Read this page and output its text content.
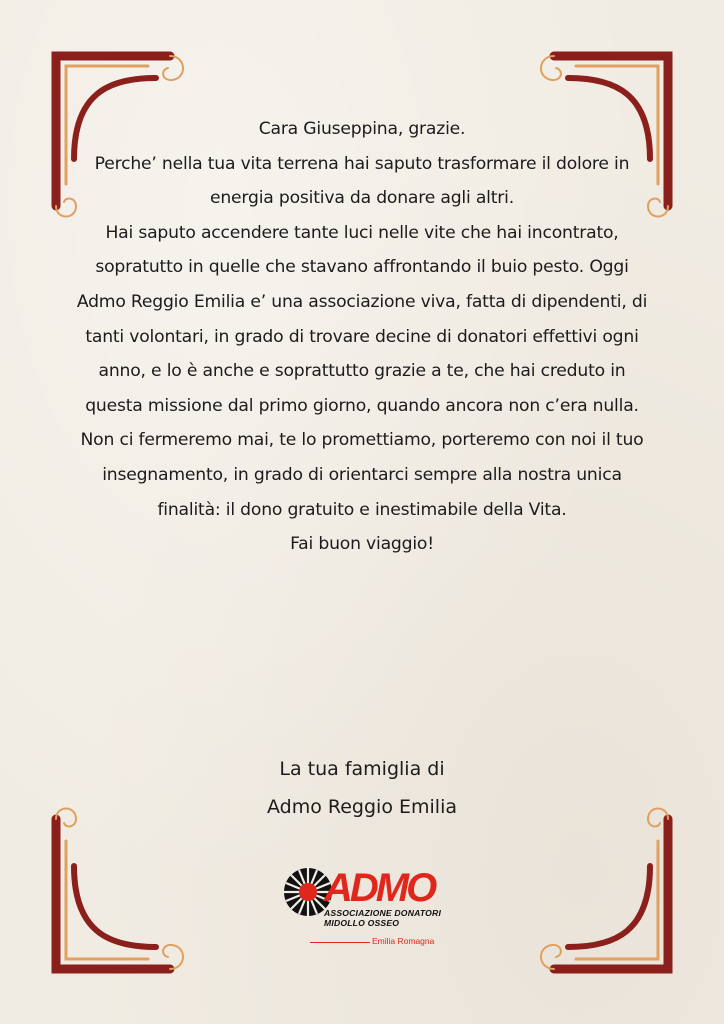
Cara Giuseppina, grazie.

Perche’ nella tua vita terrena hai saputo trasformare il dolore in energia positiva da donare agli altri.

Hai saputo accendere tante luci nelle vite che hai incontrato, sopratutto in quelle che stavano affrontando il buio pesto. Oggi Admo Reggio Emilia e’ una associazione viva, fatta di dipendenti, di tanti volontari, in grado di trovare decine di donatori effettivi ogni anno, e lo è anche e soprattutto grazie a te, che hai creduto in questa missione dal primo giorno, quando ancora non c’era nulla.

Non ci fermeremo mai, te lo promettiamo, porteremo con noi il tuo insegnamento, in grado di orientarci sempre alla nostra unica finalità: il dono gratuito e inestimabile della Vita.

Fai buon viaggio!

La tua famiglia di

Admo Reggio Emilia

ADMO
ASSOCIAZIONE DONATORI
MIDOLLO OSSEO
Emilia Romagna
